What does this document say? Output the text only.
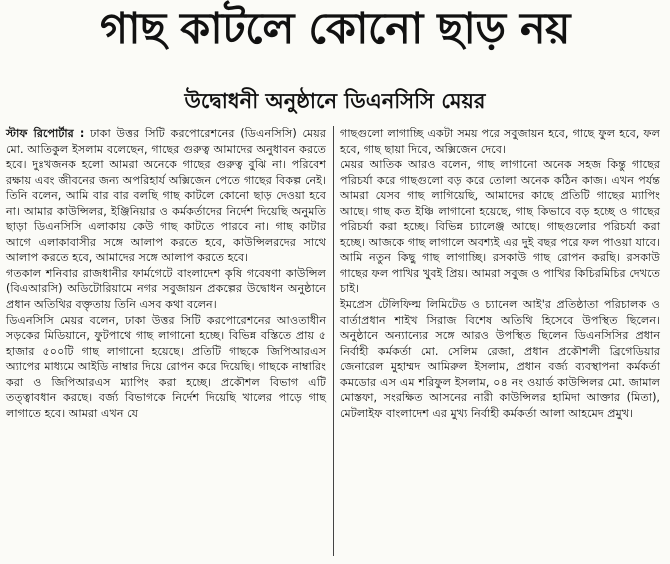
গাছ কাটলে কোনো ছাড় নয়
উদ্বোধনী অনুষ্ঠানে ডিএনসিসি মেয়র

স্টাফ রিপোর্টার : ঢাকা উত্তর সিটি করপোরেশনের (ডিএনসিসি) মেয়র মো. আতিকুল ইসলাম বলেছেন, গাছের গুরুত্ব আমাদের অনুধাবন করতে হবে। দুঃখজনক হলো আমরা অনেকে গাছের গুরুত্ব বুঝি না। পরিবেশ রক্ষায় এবং জীবনের জন্য অপরিহার্য অক্সিজেন পেতে গাছের বিকল্প নেই। তিনি বলেন, আমি বার বার বলছি গাছ কাটলে কোনো ছাড় দেওয়া হবে না। আমার কাউন্সিলর, ইঞ্জিনিয়ার ও কর্মকর্তাদের নির্দেশ দিয়েছি অনুমতি ছাড়া ডিএনসিসি এলাকায় কেউ গাছ কাটতে পারবে না। গাছ কাটার আগে এলাকাবাসীর সঙ্গে আলাপ করতে হবে, কাউন্সিলরদের সাথে আলাপ করতে হবে, আমাদের সঙ্গে আলাপ করতে হবে।

গতকাল শনিবার রাজধানীর ফার্মগেটে বাংলাদেশ কৃষি গবেষণা কাউন্সিল (বিএআরসি) অডিটোরিয়ামে নগর সবুজায়ন প্রকল্পের উদ্বোধন অনুষ্ঠানে প্রধান অতিথির বক্তৃতায় তিনি এসব কথা বলেন।

ডিএনসিসি মেয়র বলেন, ঢাকা উত্তর সিটি করপোরেশনের আওতাধীন সড়কের মিডিয়ানে, ফুটপাথে গাছ লাগানো হচ্ছে। বিভিন্ন বস্তিতে প্রায় ৫ হাজার ৫০০টি গাছ লাগানো হয়েছে। প্রতিটি গাছকে জিপিআরএস অ্যাপের মাধ্যমে আইডি নাম্বার দিয়ে রোপন করে দিয়েছি। গাছকে নাম্বারিং করা ও জিপিআরএস ম্যাপিং করা হচ্ছে। প্রকৌশল বিভাগ এটি তত্ত্বাবধান করছে। বর্জ্য বিভাগকে নির্দেশ দিয়েছি খালের পাড়ে গাছ লাগাতে হবে। আমরা এখন যে

গাছগুলো লাগাচ্ছি একটা সময় পরে সবুজায়ন হবে, গাছে ফুল হবে, ফল হবে, গাছ ছায়া দিবে, অক্সিজেন দেবে।

মেয়র আতিক আরও বলেন, গাছ লাগানো অনেক সহজ কিন্তু গাছের পরিচর্যা করে গাছগুলো বড় করে তোলা অনেক কঠিন কাজ। এখন পর্যন্ত আমরা যেসব গাছ লাগিয়েছি, আমাদের কাছে প্রতিটি গাছের ম্যাপিং আছে। গাছ কত ইঞ্চি লাগানো হয়েছে, গাছ কিভাবে বড় হচ্ছে ও গাছের পরিচর্যা করা হচ্ছে। বিভিন্ন চ্যালেঞ্জ আছে। গাছগুলোর পরিচর্যা করা হচ্ছে। আজকে গাছ লাগালে অবশ্যই এর দুই বছর পরে ফল পাওয়া যাবে। আমি নতুন কিছু গাছ লাগাচ্ছি। রসকাউ গাছ রোপন করছি। রসকাউ গাছের ফল পাখির খুবই প্রিয়। আমরা সবুজ ও পাখির কিচিরমিচির দেখতে চাই।

ইমপ্রেস টেলিফিল্ম লিমিটেড ও চ্যানেল আই'র প্রতিষ্ঠাতা পরিচালক ও বার্তাপ্রধান শাইখ সিরাজ বিশেষ অতিথি হিসেবে উপস্থিত ছিলেন। অনুষ্ঠানে অন্যান্যের সঙ্গে আরও উপস্থিত ছিলেন ডিএনসিসির প্রধান নির্বাহী কর্মকর্তা মো. সেলিম রেজা, প্রধান প্রকৌশলী ব্রিগেডিয়ার জেনারেল মুহাম্মদ আমিরুল ইসলাম, প্রধান বর্জ্য ব্যবস্থাপনা কর্মকর্তা কমডোর এস এম শরিফুল ইসলাম, ০৪ নং ওয়ার্ড কাউন্সিলর মো. জামাল মোস্তফা, সংরক্ষিত আসনের নারী কাউন্সিলর হামিদা আক্তার (মিতা), মেটলাইফ বাংলাদেশ এর মুখ্য নির্বাহী কর্মকর্তা আলা আহমেদ প্রমুখ।
